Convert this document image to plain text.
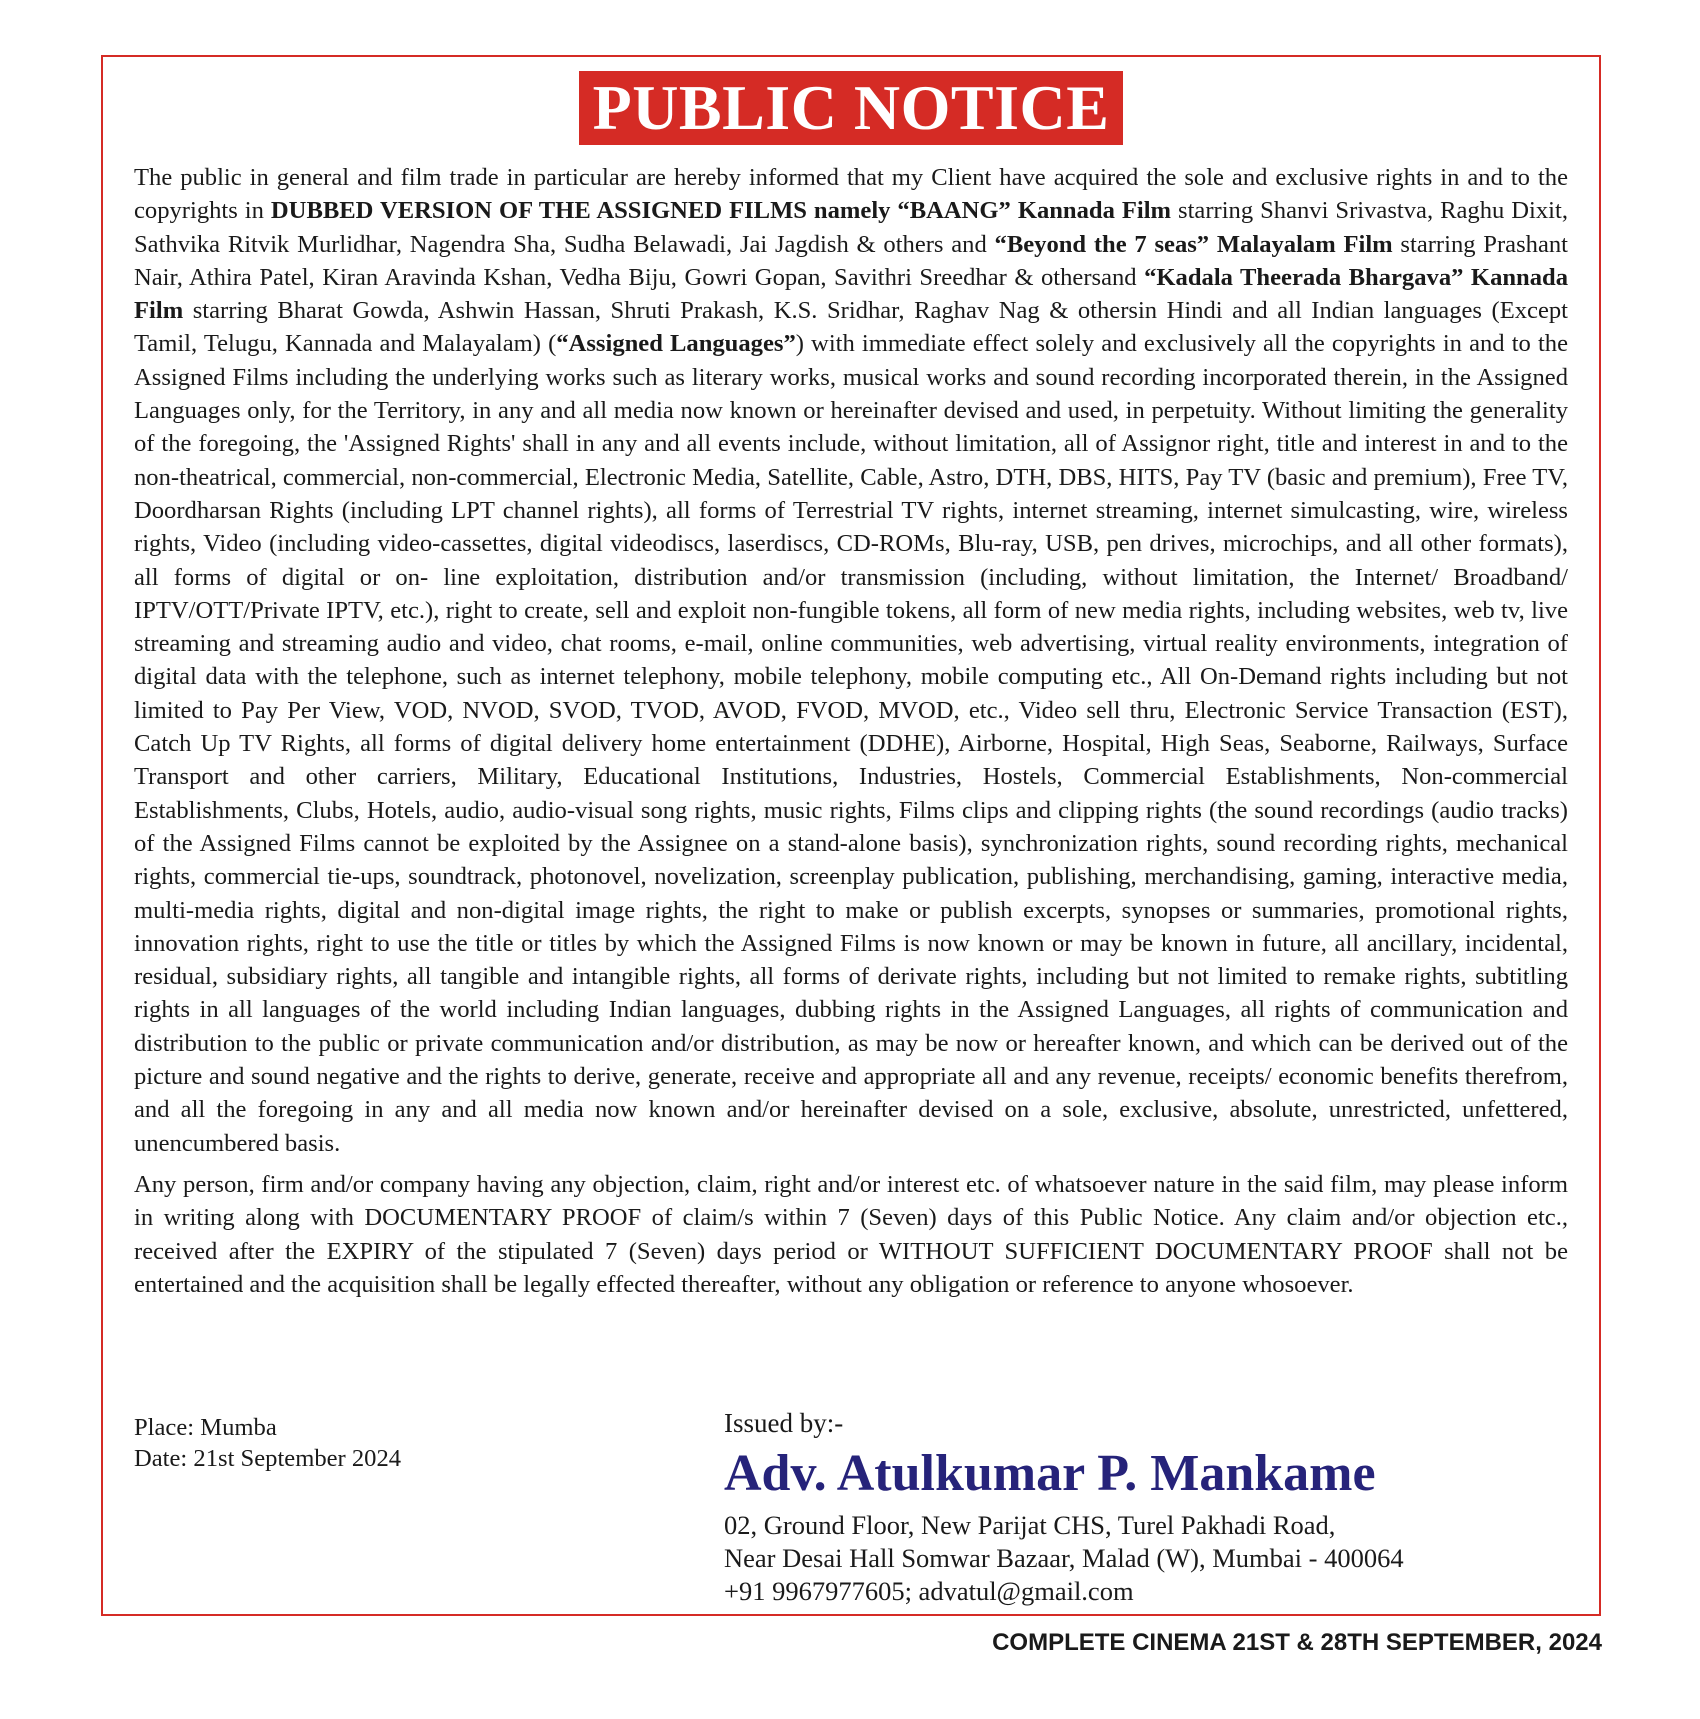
PUBLIC NOTICE

The public in general and film trade in particular are hereby informed that my Client have acquired the sole and exclusive rights in and to the copyrights in DUBBED VERSION OF THE ASSIGNED FILMS namely “BAANG” Kannada Film starring Shanvi Srivastva, Raghu Dixit, Sathvika Ritvik Murlidhar, Nagendra Sha, Sudha Belawadi, Jai Jagdish & others and “Beyond the 7 seas” Malayalam Film starring Prashant Nair, Athira Patel, Kiran Aravinda Kshan, Vedha Biju, Gowri Gopan, Savithri Sreedhar & othersand “Kadala Theerada Bhargava” Kannada Film starring Bharat Gowda, Ashwin Hassan, Shruti Prakash, K.S. Sridhar, Raghav Nag & othersin Hindi and all Indian languages (Except Tamil, Telugu, Kannada and Malayalam) (“Assigned Languages”) with immediate effect solely and exclusively all the copyrights in and to the Assigned Films including the underlying works such as literary works, musical works and sound recording incorporated therein, in the Assigned Languages only, for the Territory, in any and all media now known or hereinafter devised and used, in perpetuity. Without limiting the generality of the foregoing, the 'Assigned Rights' shall in any and all events include, without limitation, all of Assignor right, title and interest in and to the non-theatrical, commercial, non-commercial, Electronic Media, Satellite, Cable, Astro, DTH, DBS, HITS, Pay TV (basic and premium), Free TV, Doordharsan Rights (including LPT channel rights), all forms of Terrestrial TV rights, internet streaming, internet simulcasting, wire, wireless rights, Video (including video-cassettes, digital videodiscs, laserdiscs, CD-ROMs, Blu-ray, USB, pen drives, microchips, and all other formats), all forms of digital or on- line exploitation, distribution and/or transmission (including, without limitation, the Internet/ Broadband/ IPTV/OTT/Private IPTV, etc.), right to create, sell and exploit non-fungible tokens, all form of new media rights, including websites, web tv, live streaming and streaming audio and video, chat rooms, e-mail, online communities, web advertising, virtual reality environments, integration of digital data with the telephone, such as internet telephony, mobile telephony, mobile computing etc., All On-Demand rights including but not limited to Pay Per View, VOD, NVOD, SVOD, TVOD, AVOD, FVOD, MVOD, etc., Video sell thru, Electronic Service Transaction (EST), Catch Up TV Rights, all forms of digital delivery home entertainment (DDHE), Airborne, Hospital, High Seas, Seaborne, Railways, Surface Transport and other carriers, Military, Educational Institutions, Industries, Hostels, Commercial Establishments, Non-commercial Establishments, Clubs, Hotels, audio, audio-visual song rights, music rights, Films clips and clipping rights (the sound recordings (audio tracks) of the Assigned Films cannot be exploited by the Assignee on a stand-alone basis), synchronization rights, sound recording rights, mechanical rights, commercial tie-ups, soundtrack, photonovel, novelization, screenplay publication, publishing, merchandising, gaming, interactive media, multi-media rights, digital and non-digital image rights, the right to make or publish excerpts, synopses or summaries, promotional rights, innovation rights, right to use the title or titles by which the Assigned Films is now known or may be known in future, all ancillary, incidental, residual, subsidiary rights, all tangible and intangible rights, all forms of derivate rights, including but not limited to remake rights, subtitling rights in all languages of the world including Indian languages, dubbing rights in the Assigned Languages, all rights of communication and distribution to the public or private communication and/or distribution, as may be now or hereafter known, and which can be derived out of the picture and sound negative and the rights to derive, generate, receive and appropriate all and any revenue, receipts/ economic benefits therefrom, and all the foregoing in any and all media now known and/or hereinafter devised on a sole, exclusive, absolute, unrestricted, unfettered, unencumbered basis.

Any person, firm and/or company having any objection, claim, right and/or interest etc. of whatsoever nature in the said film, may please inform in writing along with DOCUMENTARY PROOF of claim/s within 7 (Seven) days of this Public Notice. Any claim and/or objection etc., received after the EXPIRY of the stipulated 7 (Seven) days period or WITHOUT SUFFICIENT DOCUMENTARY PROOF shall not be entertained and the acquisition shall be legally effected thereafter, without any obligation or reference to anyone whosoever.

Place: Mumba
Date: 21st September 2024
Issued by:-
Adv. Atulkumar P. Mankame
02, Ground Floor, New Parijat CHS, Turel Pakhadi Road,
Near Desai Hall Somwar Bazaar, Malad (W), Mumbai - 400064
+91 9967977605; advatul@gmail.com
COMPLETE CINEMA 21ST & 28TH SEPTEMBER, 2024
